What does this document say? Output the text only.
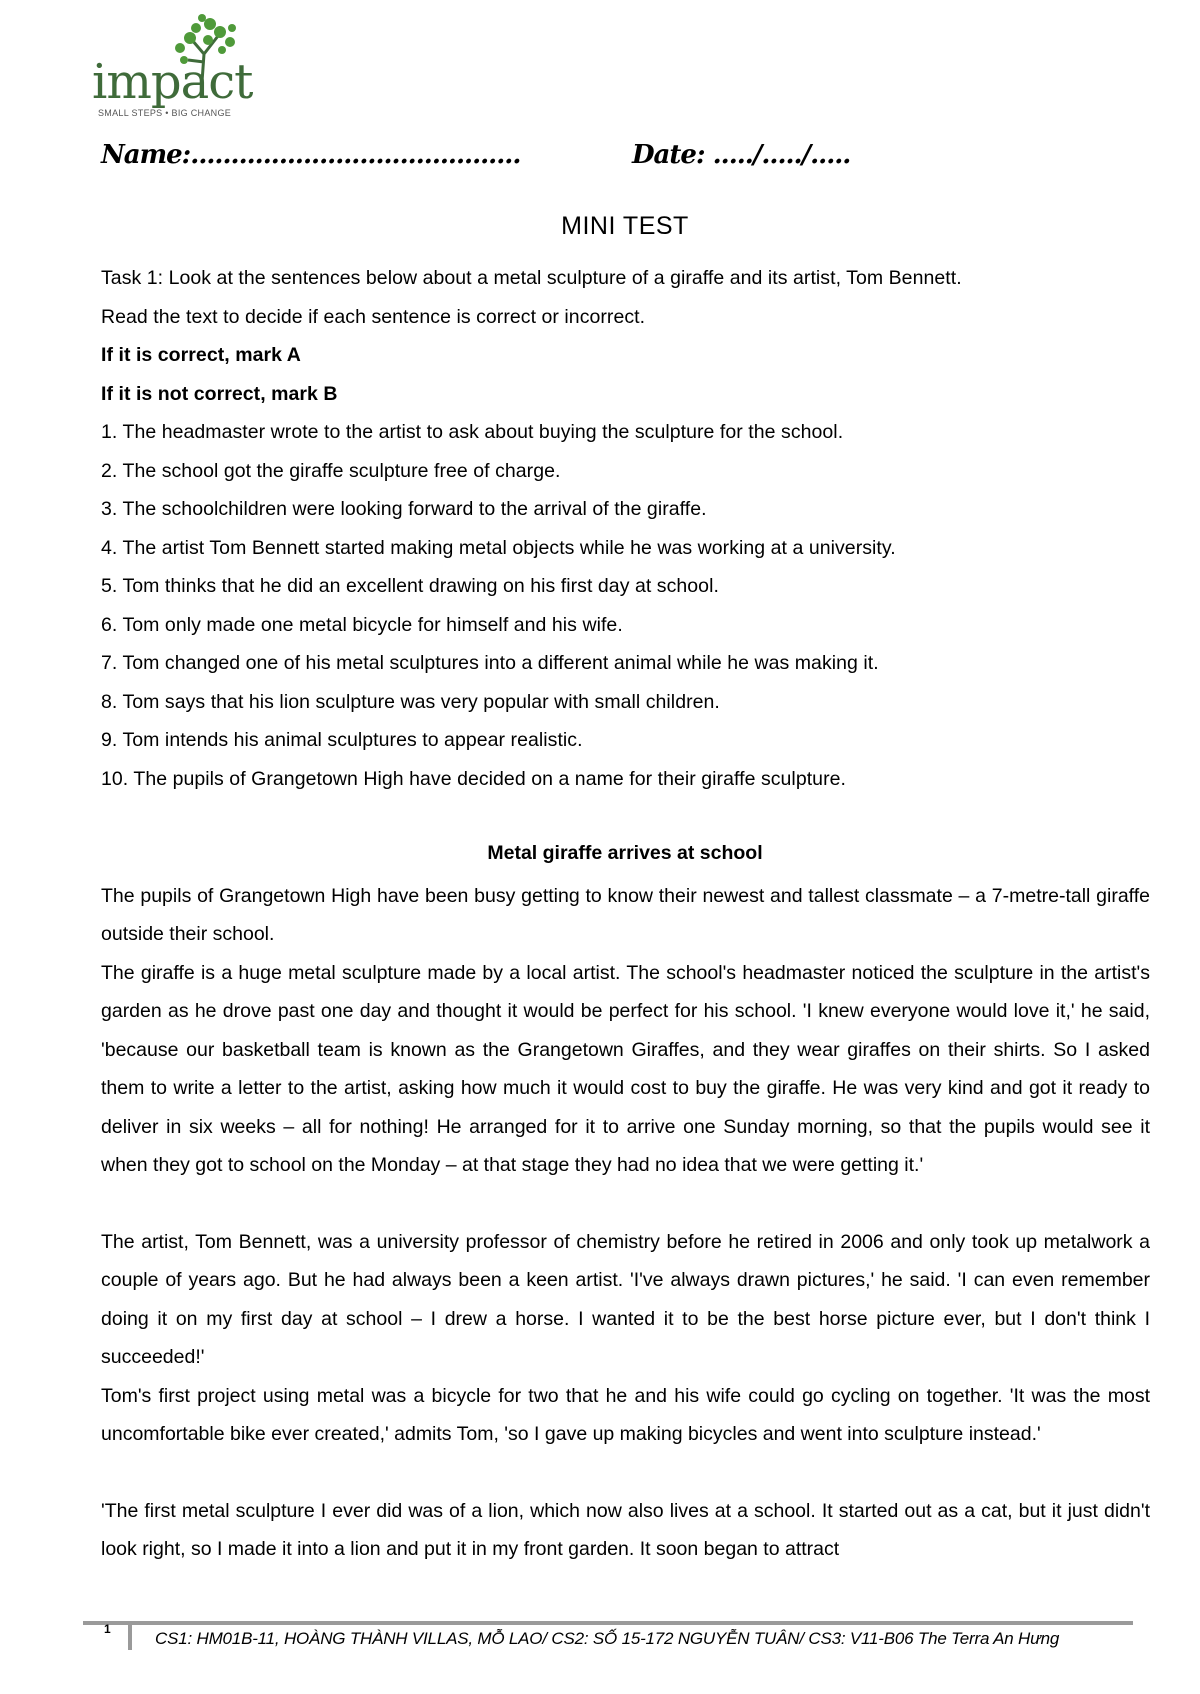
impact
SMALL STEPS • BIG CHANGE
Name:.........................................	Date: ...../...../.....
MINI TEST
Task 1: Look at the sentences below about a metal sculpture of a giraffe and its artist, Tom Bennett.
Read the text to decide if each sentence is correct or incorrect.
If it is correct, mark A
If it is not correct, mark B
1. The headmaster wrote to the artist to ask about buying the sculpture for the school.
2. The school got the giraffe sculpture free of charge.
3. The schoolchildren were looking forward to the arrival of the giraffe.
4. The artist Tom Bennett started making metal objects while he was working at a university.
5. Tom thinks that he did an excellent drawing on his first day at school.
6. Tom only made one metal bicycle for himself and his wife.
7. Tom changed one of his metal sculptures into a different animal while he was making it.
8. Tom says that his lion sculpture was very popular with small children.
9. Tom intends his animal sculptures to appear realistic.
10. The pupils of Grangetown High have decided on a name for their giraffe sculpture.
Metal giraffe arrives at school
The pupils of Grangetown High have been busy getting to know their newest and tallest classmate – a 7-metre-tall giraffe outside their school.
The giraffe is a huge metal sculpture made by a local artist. The school's headmaster noticed the sculpture in the artist's garden as he drove past one day and thought it would be perfect for his school. 'I knew everyone would love it,' he said, 'because our basketball team is known as the Grangetown Giraffes, and they wear giraffes on their shirts. So I asked them to write a letter to the artist, asking how much it would cost to buy the giraffe. He was very kind and got it ready to deliver in six weeks – all for nothing! He arranged for it to arrive one Sunday morning, so that the pupils would see it when they got to school on the Monday – at that stage they had no idea that we were getting it.'
The artist, Tom Bennett, was a university professor of chemistry before he retired in 2006 and only took up metalwork a couple of years ago. But he had always been a keen artist. 'I've always drawn pictures,' he said. 'I can even remember doing it on my first day at school – I drew a horse. I wanted it to be the best horse picture ever, but I don't think I succeeded!'
Tom's first project using metal was a bicycle for two that he and his wife could go cycling on together. 'It was the most uncomfortable bike ever created,' admits Tom, 'so I gave up making bicycles and went into sculpture instead.'
'The first metal sculpture I ever did was of a lion, which now also lives at a school. It started out as a cat, but it just didn't look right, so I made it into a lion and put it in my front garden. It soon began to attract
1	CS1: HM01B-11, HOÀNG THÀNH VILLAS, MỖ LAO/ CS2: SỐ 15-172 NGUYỄN TUÂN/ CS3: V11-B06 The Terra An Hưng
